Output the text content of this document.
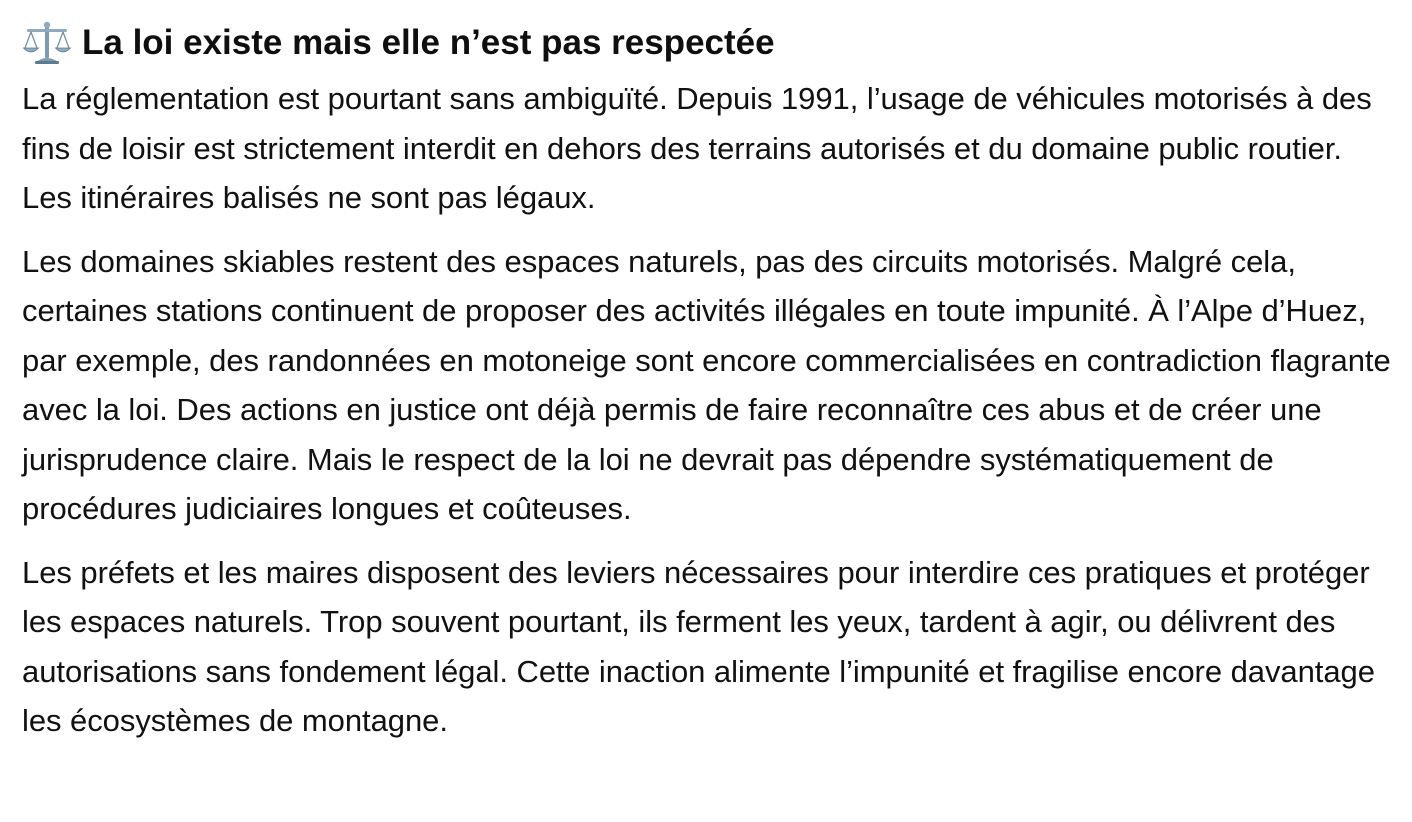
La loi existe mais elle n’est pas respectée

La réglementation est pourtant sans ambiguïté. Depuis 1991, l’usage de véhicules motorisés à des fins de loisir est strictement interdit en dehors des terrains autorisés et du domaine public routier. Les itinéraires balisés ne sont pas légaux.

Les domaines skiables restent des espaces naturels, pas des circuits motorisés. Malgré cela, certaines stations continuent de proposer des activités illégales en toute impunité. À l’Alpe d’Huez, par exemple, des randonnées en motoneige sont encore commercialisées en contradiction flagrante avec la loi. Des actions en justice ont déjà permis de faire reconnaître ces abus et de créer une jurisprudence claire. Mais le respect de la loi ne devrait pas dépendre systématiquement de procédures judiciaires longues et coûteuses.

Les préfets et les maires disposent des leviers nécessaires pour interdire ces pratiques et protéger les espaces naturels. Trop souvent pourtant, ils ferment les yeux, tardent à agir, ou délivrent des autorisations sans fondement légal. Cette inaction alimente l’impunité et fragilise encore davantage les écosystèmes de montagne.
